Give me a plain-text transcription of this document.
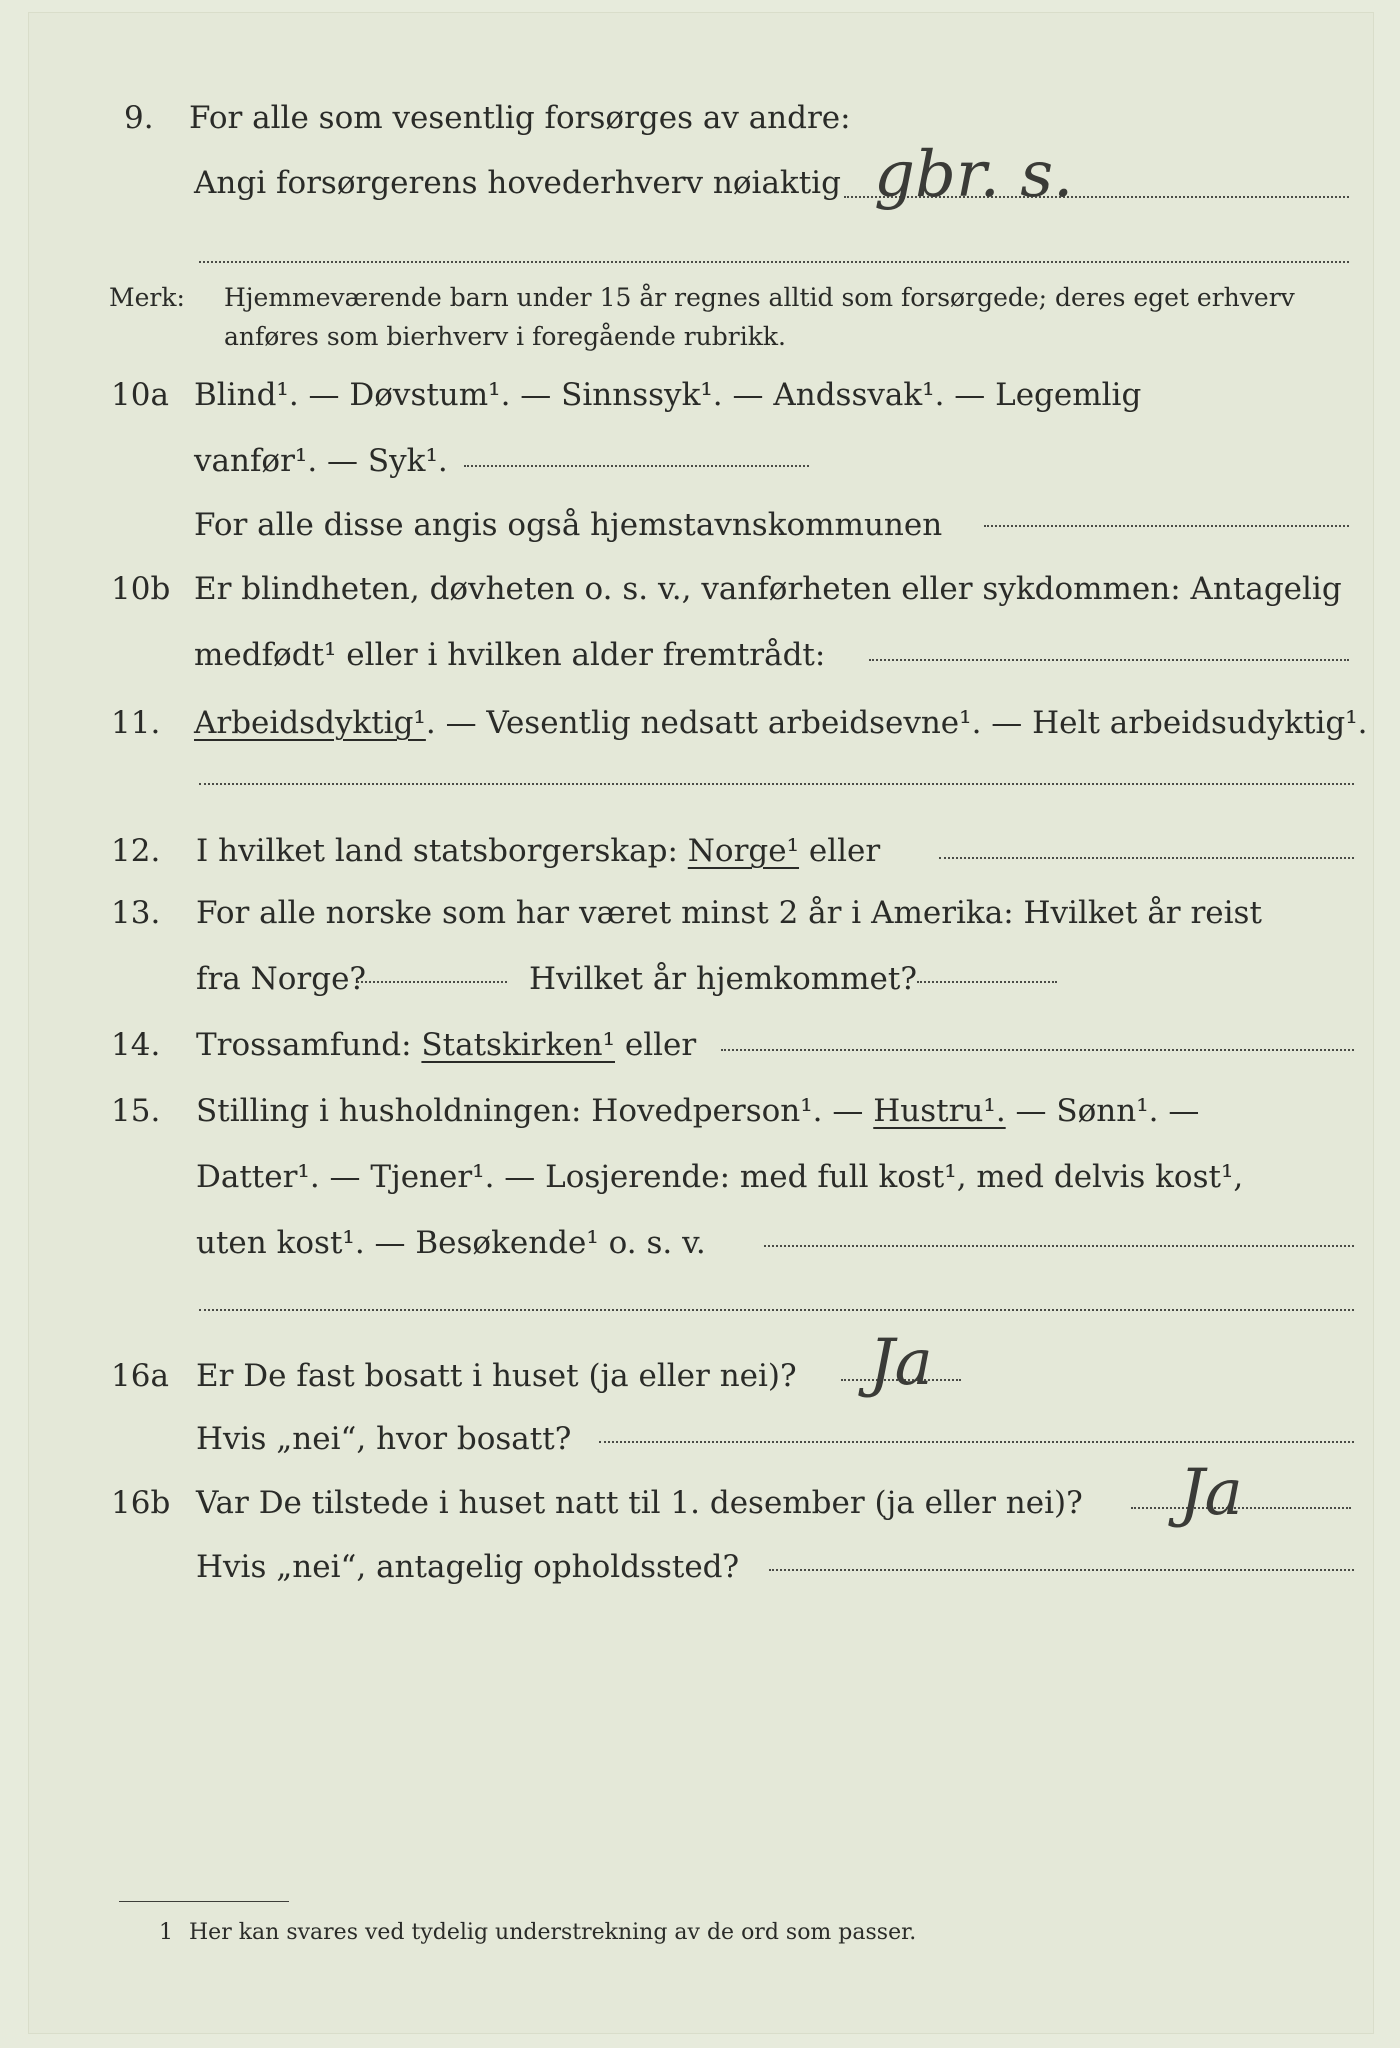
9. For alle som vesentlig forsørges av andre:
Angi forsørgerens hovederhverv nøiaktig gbr. s.
Merk: Hjemmeværende barn under 15 år regnes alltid som forsørgede; deres eget erhverv
anføres som bierhverv i foregående rubrikk.
10a Blind¹. — Døvstum¹. — Sinnssyk¹. — Andssvak¹. — Legemlig
vanfør¹. — Syk¹.
For alle disse angis også hjemstavnskommunen
10b Er blindheten, døvheten o. s. v., vanførheten eller sykdommen: Antagelig
medfødt¹ eller i hvilken alder fremtrådt:
11. Arbeidsdyktig¹. — Vesentlig nedsatt arbeidsevne¹. — Helt arbeidsudyktig¹.
12. I hvilket land statsborgerskap: Norge¹ eller
13. For alle norske som har været minst 2 år i Amerika: Hvilket år reist
fra Norge?	Hvilket år hjemkommet?
14. Trossamfund: Statskirken¹ eller
15. Stilling i husholdningen: Hovedperson¹. — Hustru¹. — Sønn¹. —
Datter¹. — Tjener¹. — Losjerende: med full kost¹, med delvis kost¹,
uten kost¹. — Besøkende¹ o. s. v.
16a Er De fast bosatt i huset (ja eller nei)? Ja
Hvis „nei“, hvor bosatt?
16b Var De tilstede i huset natt til 1. desember (ja eller nei)? Ja
Hvis „nei“, antagelig opholdssted?
1 Her kan svares ved tydelig understrekning av de ord som passer.
